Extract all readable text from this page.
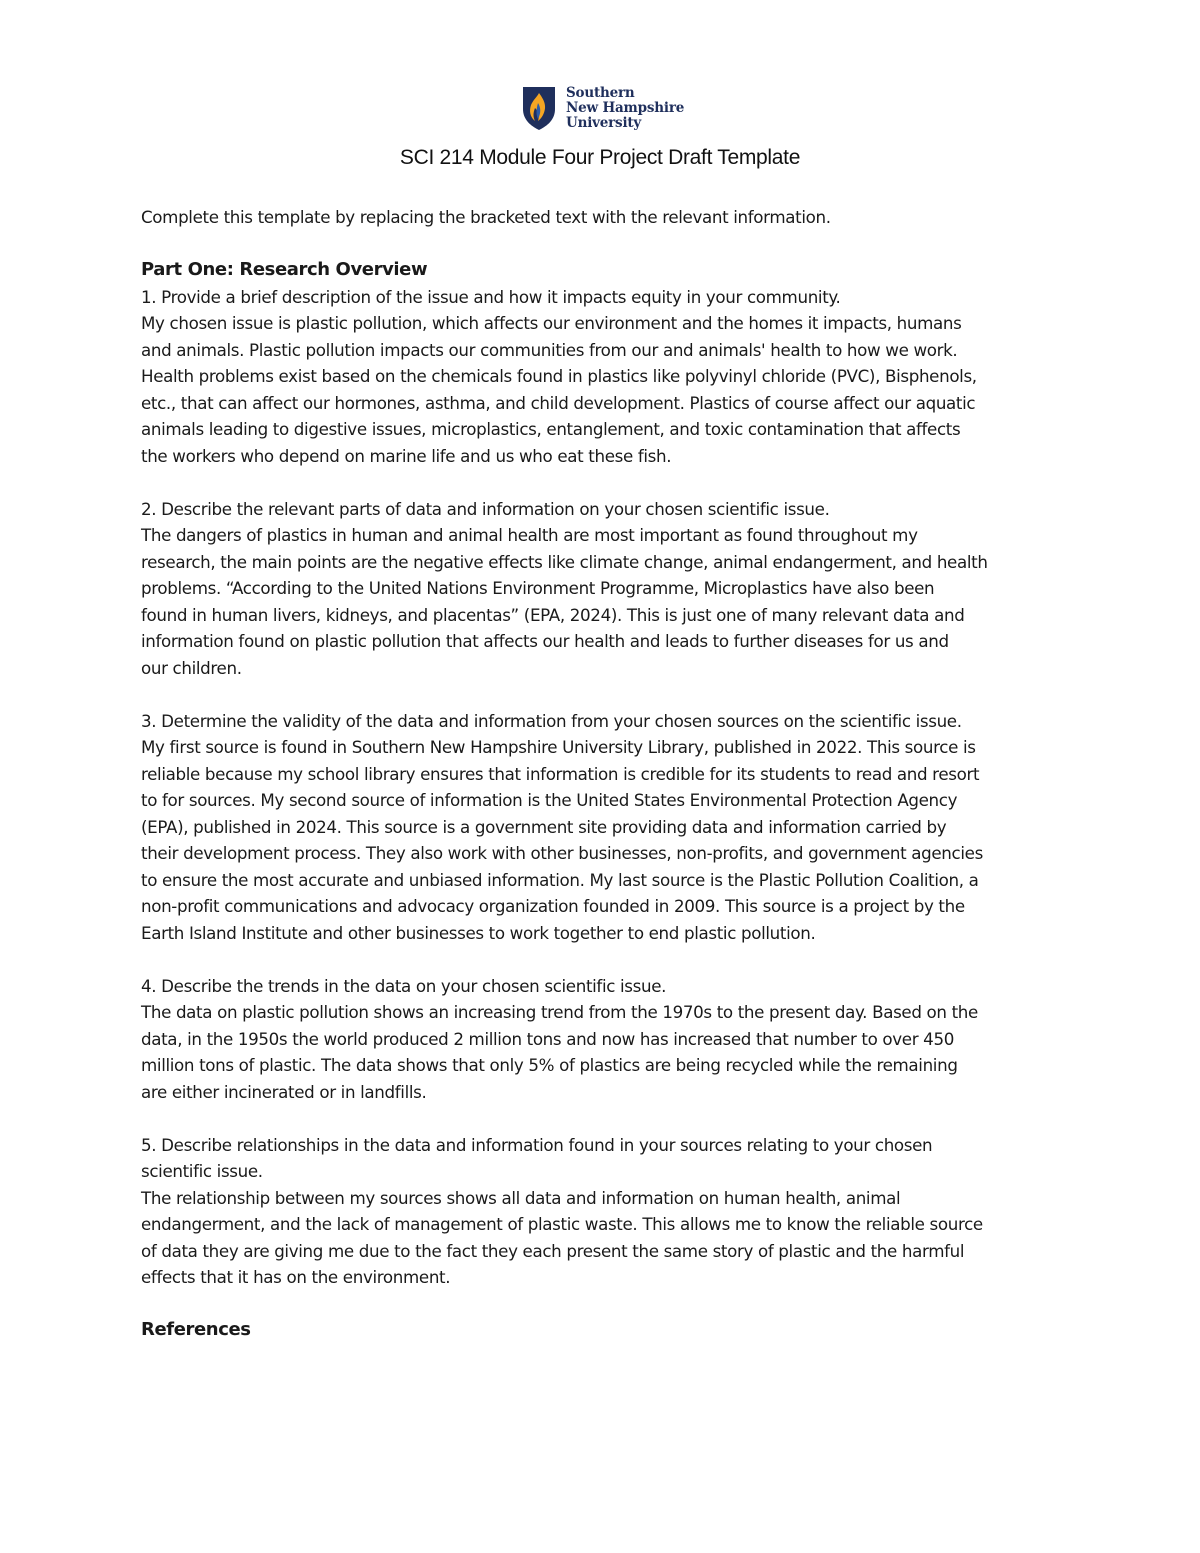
Southern
New Hampshire
University
SCI 214 Module Four Project Draft Template

Complete this template by replacing the bracketed text with the relevant information.

Part One: Research Overview

1. Provide a brief description of the issue and how it impacts equity in your community.

My chosen issue is plastic pollution, which affects our environment and the homes it impacts, humans

and animals. Plastic pollution impacts our communities from our and animals' health to how we work.

Health problems exist based on the chemicals found in plastics like polyvinyl chloride (PVC), Bisphenols,

etc., that can affect our hormones, asthma, and child development. Plastics of course affect our aquatic

animals leading to digestive issues, microplastics, entanglement, and toxic contamination that affects

the workers who depend on marine life and us who eat these fish.

2. Describe the relevant parts of data and information on your chosen scientific issue.

The dangers of plastics in human and animal health are most important as found throughout my

research, the main points are the negative effects like climate change, animal endangerment, and health

problems. “According to the United Nations Environment Programme, Microplastics have also been

found in human livers, kidneys, and placentas” (EPA, 2024). This is just one of many relevant data and

information found on plastic pollution that affects our health and leads to further diseases for us and

our children.

3. Determine the validity of the data and information from your chosen sources on the scientific issue.

My first source is found in Southern New Hampshire University Library, published in 2022. This source is

reliable because my school library ensures that information is credible for its students to read and resort

to for sources. My second source of information is the United States Environmental Protection Agency

(EPA), published in 2024. This source is a government site providing data and information carried by

their development process. They also work with other businesses, non-profits, and government agencies

to ensure the most accurate and unbiased information. My last source is the Plastic Pollution Coalition, a

non-profit communications and advocacy organization founded in 2009. This source is a project by the

Earth Island Institute and other businesses to work together to end plastic pollution.

4. Describe the trends in the data on your chosen scientific issue.

The data on plastic pollution shows an increasing trend from the 1970s to the present day. Based on the

data, in the 1950s the world produced 2 million tons and now has increased that number to over 450

million tons of plastic. The data shows that only 5% of plastics are being recycled while the remaining

are either incinerated or in landfills.

5. Describe relationships in the data and information found in your sources relating to your chosen

scientific issue.

The relationship between my sources shows all data and information on human health, animal

endangerment, and the lack of management of plastic waste. This allows me to know the reliable source

of data they are giving me due to the fact they each present the same story of plastic and the harmful

effects that it has on the environment.

References
